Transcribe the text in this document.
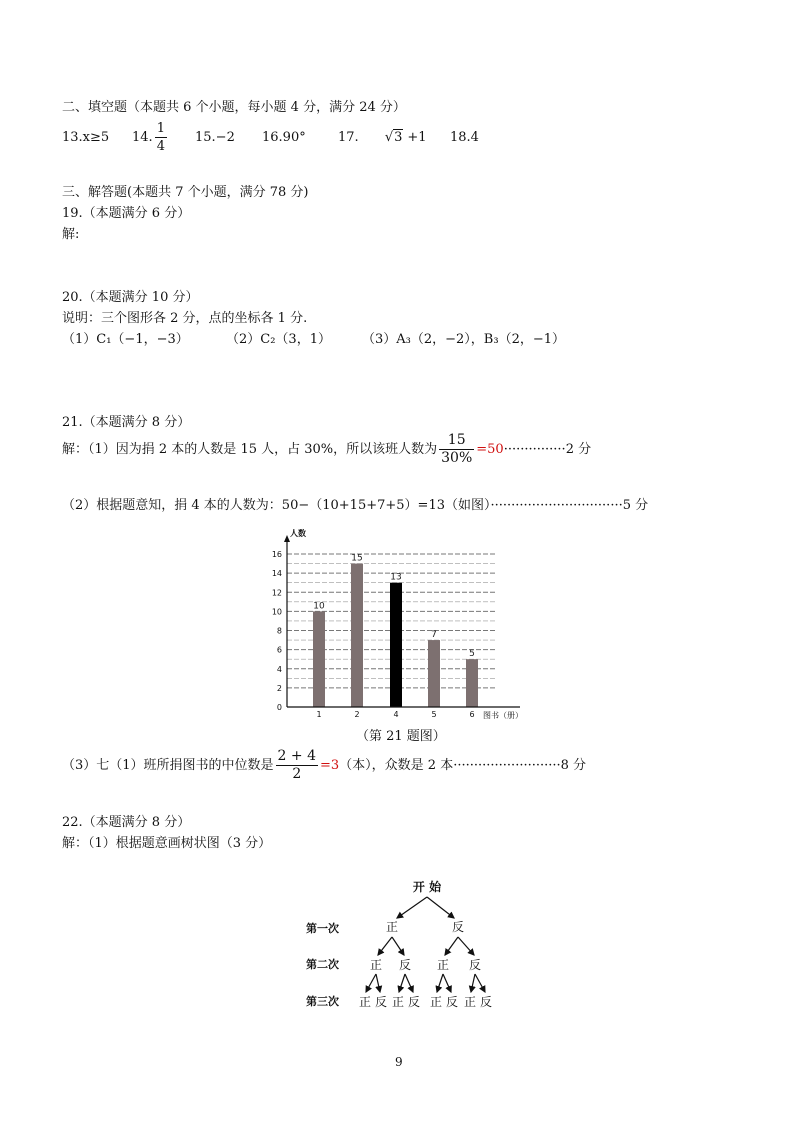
二、填空题（本题共 6 个小题，每小题 4 分，满分 24 分）
13.x≥5 14. $\frac{1}{4} 15.-2$ 16.90° 17. √3 +1 18.4
三、解答题(本题共 7 个小题，满分 78 分)
19.（本题满分 6 分）
解:
20.（本题满分 10 分）
说明：三个图形各 2 分，点的坐标各 1 分.
（1）C₁（−1，−3）	（2）C₂（3，1） （3）A₃（2，−2），B₃（2，−1）
21.（本题满分 8 分）
解：（1）因为捐 2 本的人数是 15 人，占 30%，所以该班人数为 $\frac{15}{30\%} =50\cdot\cdot\cdot\cdot\cdot\cdot\cdot\cdot\cdot\cdot\cdot\cdot\cdot\cdot\cdot 2$ 分
（2）根据题意知，捐 4 本的人数为：50−（10+15+7+5）=13（如图）································5 分
10
15
13
7
5
0
2
4
6
8
10
12
14
16
1	2	4	5	6
人数
图书（册）
（第 21 题图）
（3）七（1）班所捐图书的中位数是 $\frac{2 + 4}{2} =3$（本），众数是 2 本··························8 分
22.（本题满分 8 分）
解：（1）根据题意画树状图（3 分）
开 始
第一次
第二次
第三次
正	反
正 反 正 反
正 反 正 反 正 反 正 反
9
